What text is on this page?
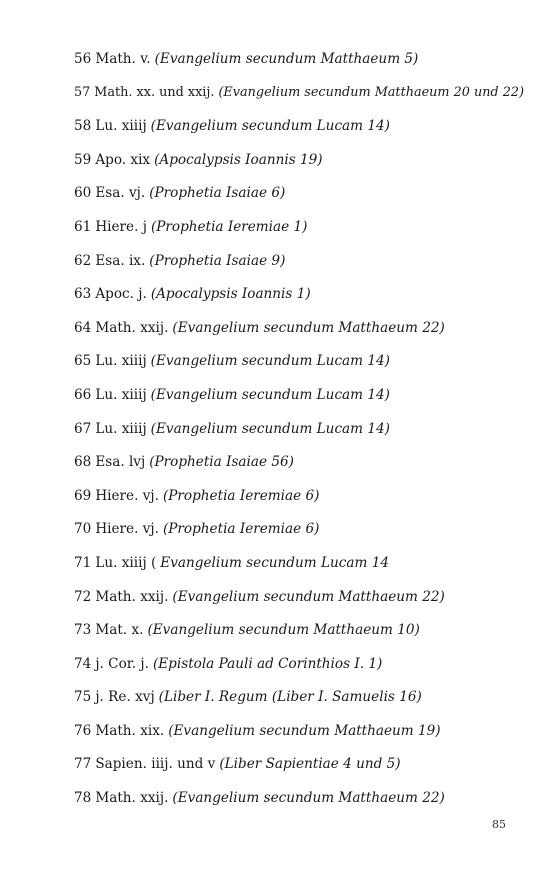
56 Math. v. (Evangelium secundum Matthaeum 5)
57 Math. xx. und xxij. (Evangelium secundum Matthaeum 20 und 22)
58 Lu. xiiij (Evangelium secundum Lucam 14)
59 Apo. xix (Apocalypsis Ioannis 19)
60 Esa. vj. (Prophetia Isaiae 6)
61 Hiere. j (Prophetia Ieremiae 1)
62 Esa. ix. (Prophetia Isaiae 9)
63 Apoc. j. (Apocalypsis Ioannis 1)
64 Math. xxij. (Evangelium secundum Matthaeum 22)
65 Lu. xiiij (Evangelium secundum Lucam 14)
66 Lu. xiiij (Evangelium secundum Lucam 14)
67 Lu. xiiij (Evangelium secundum Lucam 14)
68 Esa. lvj (Prophetia Isaiae 56)
69 Hiere. vj. (Prophetia Ieremiae 6)
70 Hiere. vj. (Prophetia Ieremiae 6)
71 Lu. xiiij ( Evangelium secundum Lucam 14
72 Math. xxij. (Evangelium secundum Matthaeum 22)
73 Mat. x. (Evangelium secundum Matthaeum 10)
74 j. Cor. j. (Epistola Pauli ad Corinthios I. 1)
75 j. Re. xvj (Liber I. Regum (Liber I. Samuelis 16)
76 Math. xix. (Evangelium secundum Matthaeum 19)
77 Sapien. iiij. und v (Liber Sapientiae 4 und 5)
78 Math. xxij. (Evangelium secundum Matthaeum 22)
85
